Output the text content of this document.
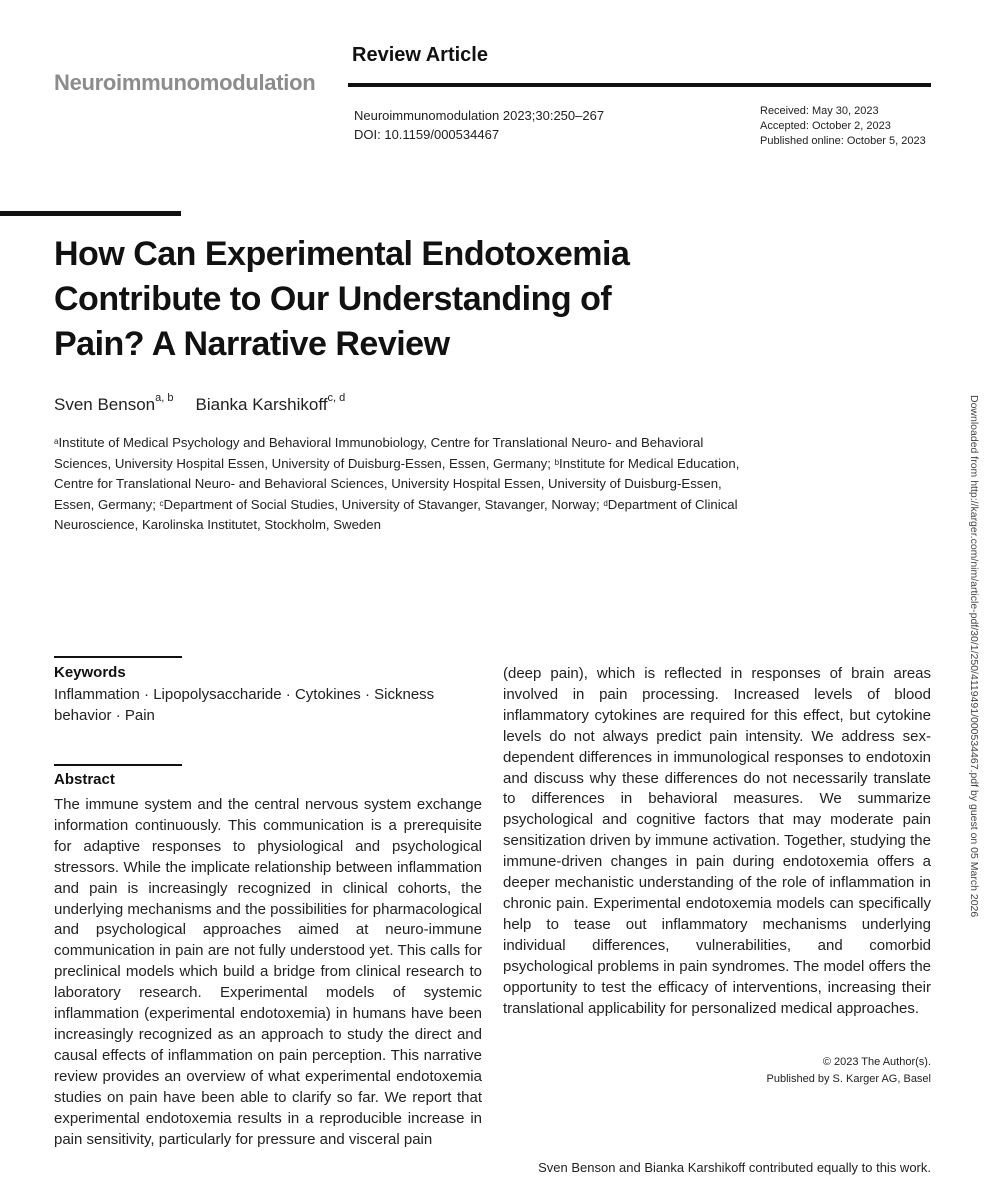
Neuroimmunomodulation
Review Article
Neuroimmunomodulation 2023;30:250–267
DOI: 10.1159/000534467
Received: May 30, 2023
Accepted: October 2, 2023
Published online: October 5, 2023
How Can Experimental Endotoxemia
Contribute to Our Understanding of
Pain? A Narrative Review
Sven Benson$^{a, b}$ Bianka Karshikoff$^{c, d}$
$^a$Institute of Medical Psychology and Behavioral Immunobiology, Centre for Translational Neuro- and Behavioral Sciences, University Hospital Essen, University of Duisburg-Essen, Essen, Germany; $^b$Institute for Medical Education, Centre for Translational Neuro- and Behavioral Sciences, University Hospital Essen, University of Duisburg-Essen, Essen, Germany; $^c$Department of Social Studies, University of Stavanger, Stavanger, Norway; $^d$Department of Clinical Neuroscience, Karolinska Institutet, Stockholm, Sweden	Downloaded from http://karger.com/nim/article-pdf/30/1/250/4119491/000534467.pdf by guest on 05 March 2026
Keywords
Inflammation · Lipopolysaccharide · Cytokines · Sickness behavior · Pain
Abstract
The immune system and the central nervous system exchange information continuously. This communication is a prerequisite for adaptive responses to physiological and psychological stressors. While the implicate relationship between inflammation and pain is increasingly recognized in clinical cohorts, the underlying mechanisms and the possibilities for pharmacological and psychological approaches aimed at neuro-immune communication in pain are not fully understood yet. This calls for preclinical models which build a bridge from clinical research to laboratory research. Experimental models of systemic inflammation (experimental endotoxemia) in humans have been increasingly recognized as an approach to study the direct and causal effects of inflammation on pain perception. This narrative review provides an overview of what experimental endotoxemia studies on pain have been able to clarify so far. We report that experimental endotoxemia results in a reproducible increase in pain sensitivity, particularly for pressure and visceral pain
(deep pain), which is reflected in responses of brain areas involved in pain processing. Increased levels of blood inflammatory cytokines are required for this effect, but cytokine levels do not always predict pain intensity. We address sex-dependent differences in immunological responses to endotoxin and discuss why these differences do not necessarily translate to differences in behavioral measures. We summarize psychological and cognitive factors that may moderate pain sensitization driven by immune activation. Together, studying the immune-driven changes in pain during endotoxemia offers a deeper mechanistic understanding of the role of inflammation in chronic pain. Experimental endotoxemia models can specifically help to tease out inflammatory mechanisms underlying individual differences, vulnerabilities, and comorbid psychological problems in pain syndromes. The model offers the opportunity to test the efficacy of interventions, increasing their translational applicability for personalized medical approaches.
© 2023 The Author(s).
Published by S. Karger AG, Basel
Sven Benson and Bianka Karshikoff contributed equally to this work.
